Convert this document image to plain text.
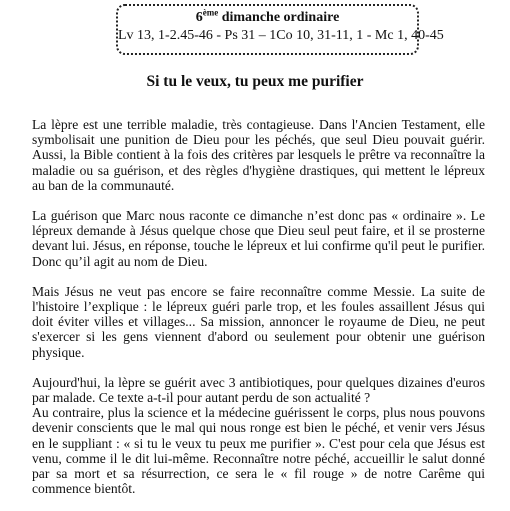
6ème dimanche ordinaire
Lv 13, 1-2.45-46 - Ps 31 – 1Co 10, 31-11, 1 - Mc 1, 40-45
Si tu le veux, tu peux me purifier

La lèpre est une terrible maladie, très contagieuse. Dans l'Ancien Testament, elle symbolisait une punition de Dieu pour les péchés, que seul Dieu pouvait guérir. Aussi, la Bible contient à la fois des critères par lesquels le prêtre va reconnaître la maladie ou sa guérison, et des règles d'hygiène drastiques, qui mettent le lépreux au ban de la communauté.

La guérison que Marc nous raconte ce dimanche n’est donc pas « ordinaire ». Le lépreux demande à Jésus quelque chose que Dieu seul peut faire, et il se prosterne devant lui. Jésus, en réponse, touche le lépreux et lui confirme qu'il peut le purifier. Donc qu’il agit au nom de Dieu.

Mais Jésus ne veut pas encore se faire reconnaître comme Messie. La suite de l'histoire l’explique : le lépreux guéri parle trop, et les foules assaillent Jésus qui doit éviter villes et villages... Sa mission, annoncer le royaume de Dieu, ne peut s'exercer si les gens viennent d'abord ou seulement pour obtenir une guérison physique.

Aujourd'hui, la lèpre se guérit avec 3 antibiotiques, pour quelques dizaines d'euros par malade. Ce texte a-t-il pour autant perdu de son actualité ?

Au contraire, plus la science et la médecine guérissent le corps, plus nous pouvons devenir conscients que le mal qui nous ronge est bien le péché, et venir vers Jésus en le suppliant : « si tu le veux tu peux me purifier ». C'est pour cela que Jésus est venu, comme il le dit lui-même. Reconnaître notre péché, accueillir le salut donné par sa mort et sa résurrection, ce sera le « fil rouge » de notre Carême qui commence bientôt.
